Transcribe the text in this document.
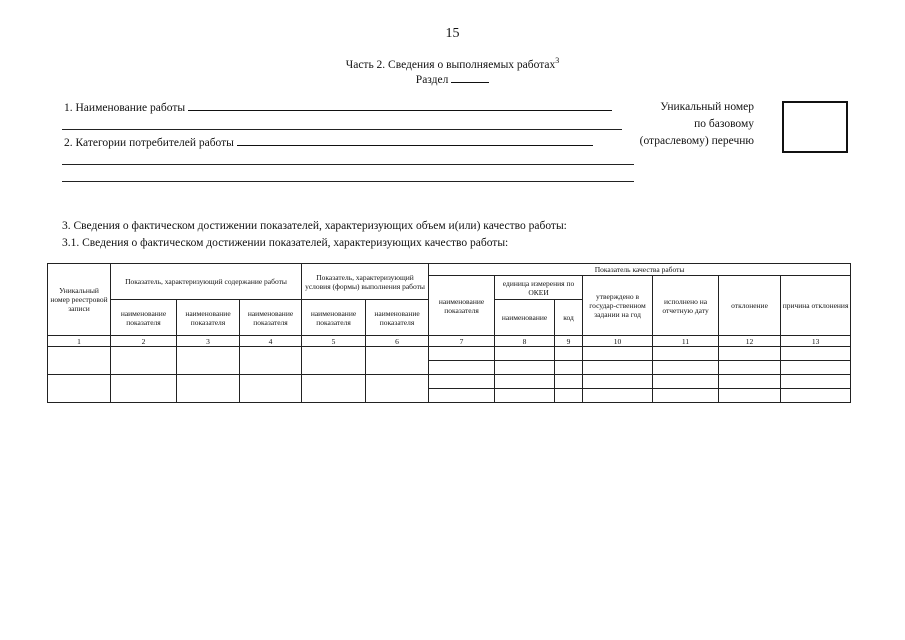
15
Часть 2. Сведения о выполняемых работах$^3$
Раздел
1. Наименование работы
2. Категории потребителей работы
Уникальный номер
по базовому
(отраслевому) перечню
3. Сведения о фактическом достижении показателей, характеризующих объем и(или) качество работы:
3.1. Сведения о фактическом достижении показателей, характеризующих качество работы:
Уникальный номер реестровой записи	Показатель, характеризующий содержание работы			Показатель, характеризующий условия (формы) выполнения работы		Показатель качества работы						
						наименование показателя	единица измерения по ОКЕИ		утверждено в государ-ственном задании на год	исполнено на отчетную дату	отклонение	причина отклонения
	наименование показателя	наименование показателя	наименование показателя	наименование показателя	наименование показателя		наименование	код				
1	2	3	4	5	6	7	8	9	10	11	12	13
